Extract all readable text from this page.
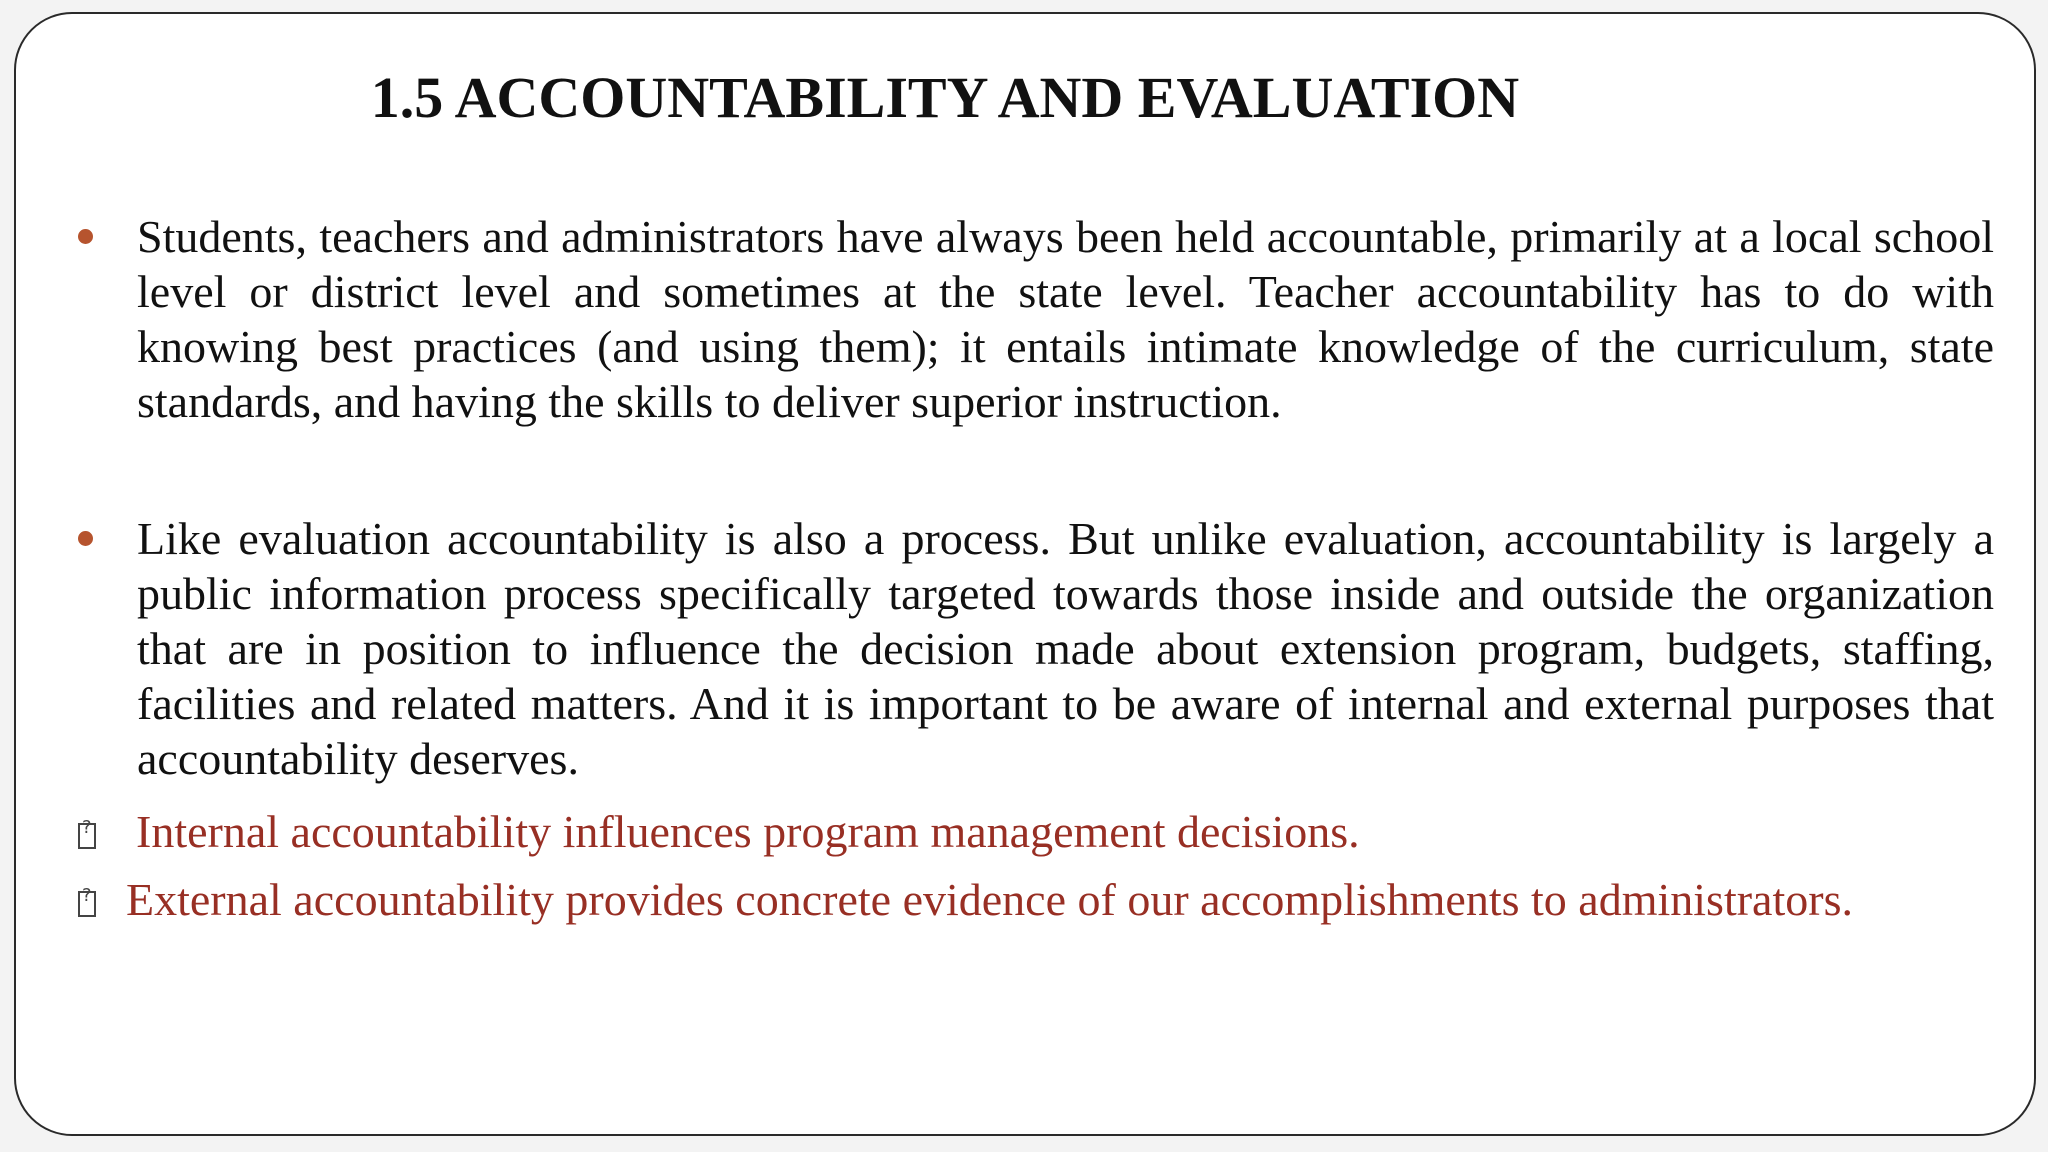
1.5 ACCOUNTABILITY AND EVALUATION
Students, teachers and administrators have always been held accountable, primarily at a local school level or district level and sometimes at the state level. Teacher accountability has to do with knowing best practices (and using them); it entails intimate knowledge of the curriculum, state standards, and having the skills to deliver superior instruction.
Like evaluation accountability is also a process. But unlike evaluation, accountability is largely a public information process specifically targeted towards those inside and outside the organization that are in position to influence the decision made about extension program, budgets, staffing, facilities and related matters. And it is important to be aware of internal and external purposes that accountability deserves.
?Internal accountability influences program management decisions.
?External accountability provides concrete evidence of our accomplishments to administrators.
